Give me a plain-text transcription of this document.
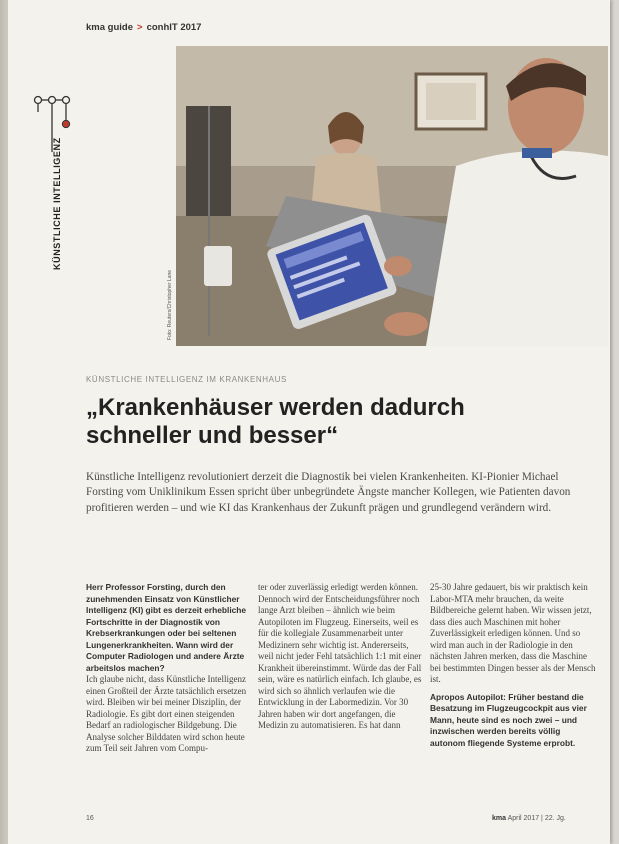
kma guide > conhIT 2017
KÜNSTLICHE INTELLIGENZ
Foto: Reuters/Christopher Lane
KÜNSTLICHE INTELLIGENZ IM KRANKENHAUS
„Krankenhäuser werden dadurch
schneller und besser“
Künstliche Intelligenz revolutioniert derzeit die Diagnostik bei vielen Krankenheiten. KI-Pionier Michael Forsting vom Uniklinikum Essen spricht über unbegründete Ängste mancher Kollegen, wie Patienten davon profitieren werden – und wie KI das Krankenhaus der Zukunft prägen und grundlegend verändern wird.

Herr Professor Forsting, durch den zunehmenden Einsatz von Künstlicher Intelligenz (KI) gibt es derzeit erhebliche Fortschritte in der Diagnostik von Krebserkrankungen oder bei seltenen Lungenerkrankheiten. Wann wird der Computer Radiologen und andere Ärzte arbeitslos machen?

Ich glaube nicht, dass Künstliche Intelligenz einen Großteil der Ärzte tatsächlich ersetzen wird. Bleiben wir bei meiner Disziplin, der Radiologie. Es gibt dort einen steigenden Bedarf an radiologischer Bildgebung. Die Analyse solcher Bilddaten wird schon heute zum Teil seit Jahren vom Compu-

ter oder zuverlässig erledigt werden können. Dennoch wird der Entscheidungsführer noch lange Arzt bleiben – ähnlich wie beim Autopiloten im Flugzeug. Einerseits, weil es für die kollegiale Zusammenarbeit unter Medizinern sehr wichtig ist. Andererseits, weil nicht jeder Fehl tatsächlich 1:1 mit einer Krankheit übereinstimmt. Würde das der Fall sein, wäre es natürlich einfach. Ich glaube, es wird sich so ähnlich verlaufen wie die Entwicklung in der Labormedizin. Vor 30 Jahren haben wir dort angefangen, die Medizin zu automatisieren. Es hat dann

25-30 Jahre gedauert, bis wir praktisch kein Labor-MTA mehr brauchen, da weite Bildbereiche gelernt haben. Wir wissen jetzt, dass dies auch Maschinen mit hoher Zuverlässigkeit erledigen können. Und so wird man auch in der Radiologie in den nächsten Jahren merken, dass die Maschine bei bestimmten Dingen besser als der Mensch ist.

Apropos Autopilot: Früher bestand die Besatzung im Flugzeugcockpit aus vier Mann, heute sind es noch zwei – und inzwischen werden bereits völlig autonom fliegende Systeme erprobt.

16	kma April 2017 | 22. Jg.
